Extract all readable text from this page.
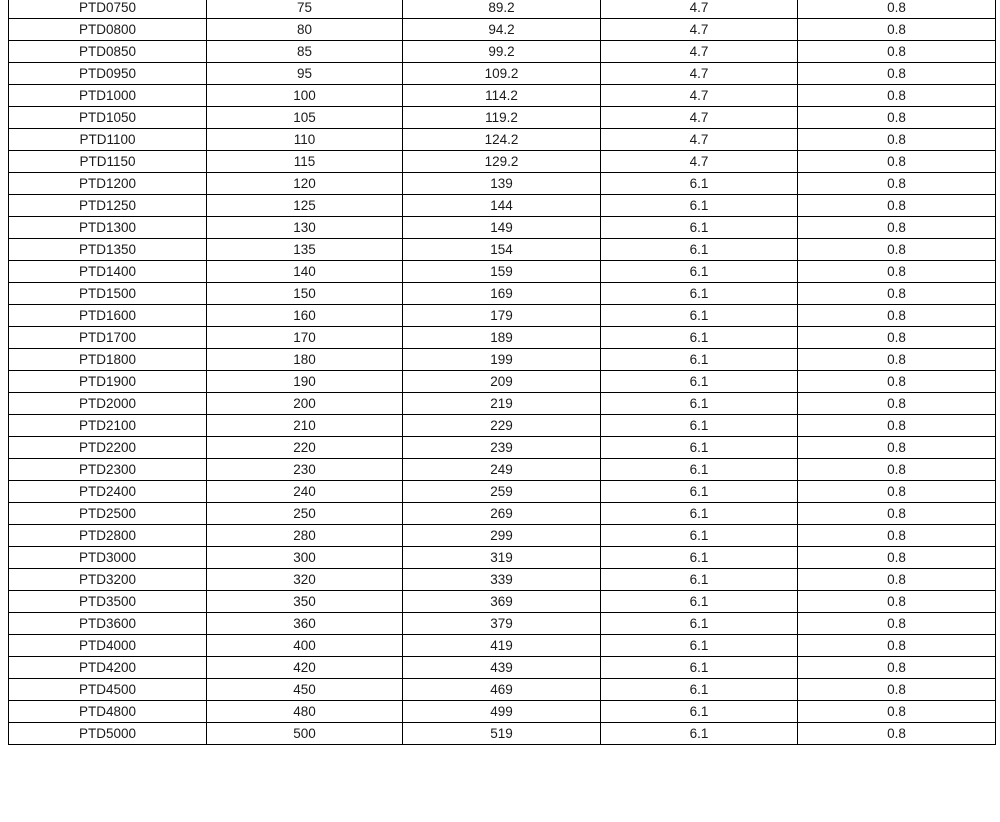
PTD0750	75	89.2	4.7	0.8
PTD0800	80	94.2	4.7	0.8
PTD0850	85	99.2	4.7	0.8
PTD0950	95	109.2	4.7	0.8
PTD1000	100	114.2	4.7	0.8
PTD1050	105	119.2	4.7	0.8
PTD1100	110	124.2	4.7	0.8
PTD1150	115	129.2	4.7	0.8
PTD1200	120	139	6.1	0.8
PTD1250	125	144	6.1	0.8
PTD1300	130	149	6.1	0.8
PTD1350	135	154	6.1	0.8
PTD1400	140	159	6.1	0.8
PTD1500	150	169	6.1	0.8
PTD1600	160	179	6.1	0.8
PTD1700	170	189	6.1	0.8
PTD1800	180	199	6.1	0.8
PTD1900	190	209	6.1	0.8
PTD2000	200	219	6.1	0.8
PTD2100	210	229	6.1	0.8
PTD2200	220	239	6.1	0.8
PTD2300	230	249	6.1	0.8
PTD2400	240	259	6.1	0.8
PTD2500	250	269	6.1	0.8
PTD2800	280	299	6.1	0.8
PTD3000	300	319	6.1	0.8
PTD3200	320	339	6.1	0.8
PTD3500	350	369	6.1	0.8
PTD3600	360	379	6.1	0.8
PTD4000	400	419	6.1	0.8
PTD4200	420	439	6.1	0.8
PTD4500	450	469	6.1	0.8
PTD4800	480	499	6.1	0.8
PTD5000	500	519	6.1	0.8
